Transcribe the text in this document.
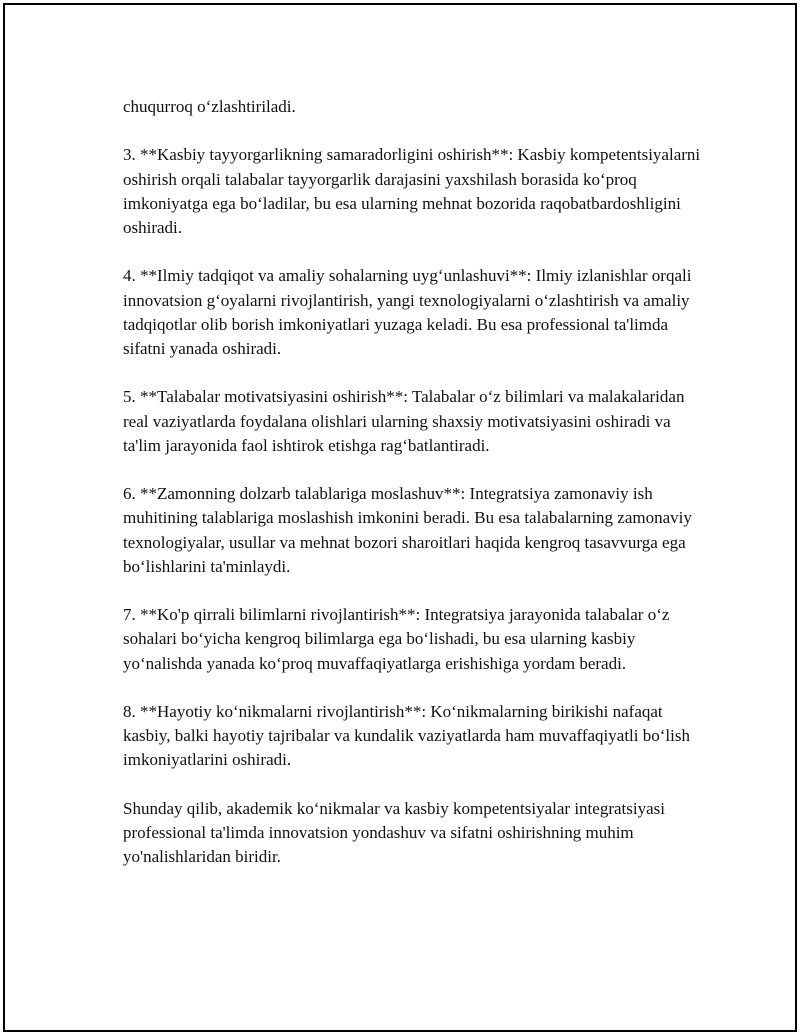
chuqurroq o‘zlashtiriladi.

3. **Kasbiy tayyorgarlikning samaradorligini oshirish**: Kasbiy kompetentsiyalarni oshirish orqali talabalar tayyorgarlik darajasini yaxshilash borasida ko‘proq imkoniyatga ega bo‘ladilar, bu esa ularning mehnat bozorida raqobatbardoshligini oshiradi.

4. **Ilmiy tadqiqot va amaliy sohalarning uyg‘unlashuvi**: Ilmiy izlanishlar orqali innovatsion g‘oyalarni rivojlantirish, yangi texnologiyalarni o‘zlashtirish va amaliy tadqiqotlar olib borish imkoniyatlari yuzaga keladi. Bu esa professional ta'limda sifatni yanada oshiradi.

5. **Talabalar motivatsiyasini oshirish**: Talabalar o‘z bilimlari va malakalaridan real vaziyatlarda foydalana olishlari ularning shaxsiy motivatsiyasini oshiradi va ta'lim jarayonida faol ishtirok etishga rag‘batlantiradi.

6. **Zamonning dolzarb talablariga moslashuv**: Integratsiya zamonaviy ish muhitining talablariga moslashish imkonini beradi. Bu esa talabalarning zamonaviy texnologiyalar, usullar va mehnat bozori sharoitlari haqida kengroq tasavvurga ega bo‘lishlarini ta'minlaydi.

7. **Ko'p qirrali bilimlarni rivojlantirish**: Integratsiya jarayonida talabalar o‘z sohalari bo‘yicha kengroq bilimlarga ega bo‘lishadi, bu esa ularning kasbiy yo‘nalishda yanada ko‘proq muvaffaqiyatlarga erishishiga yordam beradi.

8. **Hayotiy ko‘nikmalarni rivojlantirish**: Ko‘nikmalarning birikishi nafaqat kasbiy, balki hayotiy tajribalar va kundalik vaziyatlarda ham muvaffaqiyatli bo‘lish imkoniyatlarini oshiradi.

Shunday qilib, akademik ko‘nikmalar va kasbiy kompetentsiyalar integratsiyasi professional ta'limda innovatsion yondashuv va sifatni oshirishning muhim yo'nalishlaridan biridir.
